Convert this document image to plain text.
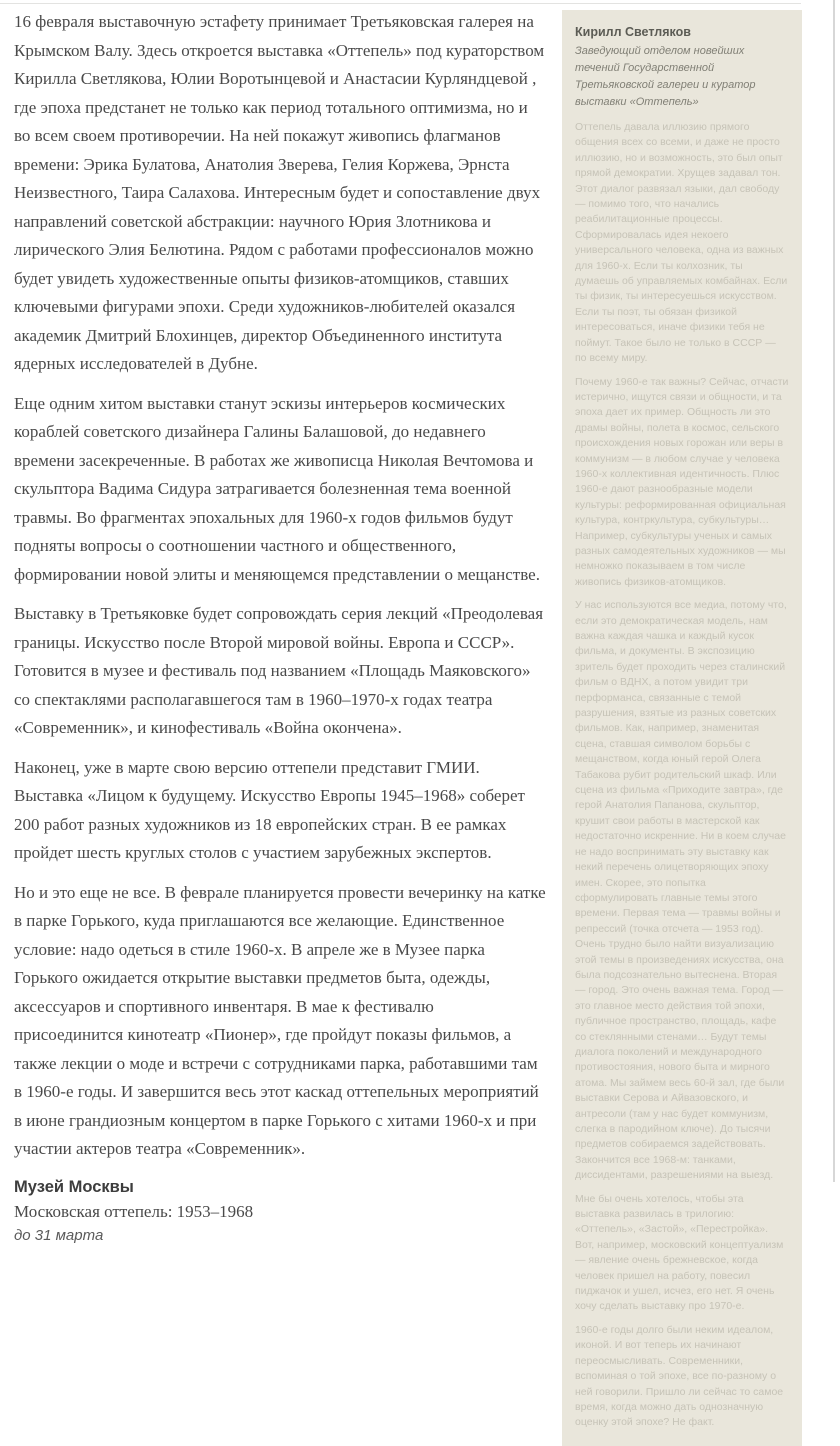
16 февраля выставочную эстафету принимает Третьяковская галерея на Крымском Валу. Здесь откроется выставка «Оттепель» под кураторством Кирилла Светлякова, Юлии Воротынцевой и Анастасии Курляндцевой , где эпоха предстанет не только как период тотального оптимизма, но и во всем своем противоречии. На ней покажут живопись флагманов времени: Эрика Булатова, Анатолия Зверева, Гелия Коржева, Эрнста Неизвестного, Таира Салахова. Интересным будет и сопоставление двух направлений советской абстракции: научного Юрия Злотникова и лирического Элия Белютина. Рядом с работами профессионалов можно будет увидеть художественные опыты физиков-атомщиков, ставших ключевыми фигурами эпохи. Среди художников-любителей оказался академик Дмитрий Блохинцев, директор Объединенного института ядерных исследователей в Дубне.

Еще одним хитом выставки станут эскизы интерьеров космических кораблей советского дизайнера Галины Балашовой, до недавнего времени засекреченные. В работах же живописца Николая Вечтомова и скульптора Вадима Сидура затрагивается болезненная тема военной травмы. Во фрагментах эпохальных для 1960-х годов фильмов будут подняты вопросы о соотношении частного и общественного, формировании новой элиты и меняющемся представлении о мещанстве.

Выставку в Третьяковке будет сопровождать серия лекций «Преодолевая границы. Искусство после Второй мировой войны. Европа и СССР». Готовится в музее и фестиваль под названием «Площадь Маяковского» со спектаклями располагавшегося там в 1960–1970-х годах театра «Современник», и кинофестиваль «Война окончена».

Наконец, уже в марте свою версию оттепели представит ГМИИ. Выставка «Лицом к будущему. Искусство Европы 1945–1968» соберет 200 работ разных художников из 18 европейских стран. В ее рамках пройдет шесть круглых столов с участием зарубежных экспертов.

Но и это еще не все. В феврале планируется провести вечеринку на катке в парке Горького, куда приглашаются все желающие. Единственное условие: надо одеться в стиле 1960-х. В апреле же в Музее парка Горького ожидается открытие выставки предметов быта, одежды, аксессуаров и спортивного инвентаря. В мае к фестивалю присоединится кинотеатр «Пионер», где пройдут показы фильмов, а также лекции о моде и встречи с сотрудниками парка, работавшими там в 1960-е годы. И завершится весь этот каскад оттепельных мероприятий в июне грандиозным концертом в парке Горького с хитами 1960-х и при участии актеров театра «Современник».

Музей Москвы

Московская оттепель: 1953–1968

до 31 марта

Кирилл Светляков

Заведующий отделом новейших течений Государственной Третьяковской галереи и куратор выставки «Оттепель»

Оттепель давала иллюзию прямого общения всех со всеми, и даже не просто иллюзию, но и возможность, это был опыт прямой демократии. Хрущев задавал тон. Этот диалог развязал языки, дал свободу — помимо того, что начались реабилитационные процессы. Сформировалась идея некоего универсального человека, одна из важных для 1960-х. Если ты колхозник, ты думаешь об управляемых комбайнах. Если ты физик, ты интересуешься искусством. Если ты поэт, ты обязан физикой интересоваться, иначе физики тебя не поймут. Такое было не только в СССР — по всему миру.

Почему 1960-е так важны? Сейчас, отчасти истерично, ищутся связи и общности, и та эпоха дает их пример. Общность ли это драмы войны, полета в космос, сельского происхождения новых горожан или веры в коммунизм — в любом случае у человека 1960-х коллективная идентичность. Плюс 1960-е дают разнообразные модели культуры: реформированная официальная культура, контркультура, субкультуры… Например, субкультуры ученых и самых разных самодеятельных художников — мы немножко показываем в том числе живопись физиков-атомщиков.

У нас используются все медиа, потому что, если это демократическая модель, нам важна каждая чашка и каждый кусок фильма, и документы. В экспозицию зритель будет проходить через сталинский фильм о ВДНХ, а потом увидит три перформанса, связанные с темой разрушения, взятые из разных советских фильмов. Как, например, знаменитая сцена, ставшая символом борьбы с мещанством, когда юный герой Олега Табакова рубит родительский шкаф. Или сцена из фильма «Приходите завтра», где герой Анатолия Папанова, скульптор, крушит свои работы в мастерской как недостаточно искренние. Ни в коем случае не надо воспринимать эту выставку как некий перечень олицетворяющих эпоху имен. Скорее, это попытка сформулировать главные темы этого времени. Первая тема — травмы войны и репрессий (точка отсчета — 1953 год). Очень трудно было найти визуализацию этой темы в произведениях искусства, она была подсознательно вытеснена. Вторая — город. Это очень важная тема. Город — это главное место действия той эпохи, публичное пространство, площадь, кафе со стеклянными стенами… Будут темы диалога поколений и международного противостояния, нового быта и мирного атома. Мы займем весь 60-й зал, где были выставки Серова и Айвазовского, и антресоли (там у нас будет коммунизм, слегка в пародийном ключе). До тысячи предметов собираемся задействовать. Закончится все 1968-м: танками, диссидентами, разрешениями на выезд.

Мне бы очень хотелось, чтобы эта выставка развилась в трилогию: «Оттепель», «Застой», «Перестройка». Вот, например, московский концептуализм — явление очень брежневское, когда человек пришел на работу, повесил пиджачок и ушел, исчез, его нет. Я очень хочу сделать выставку про 1970-е.

1960-е годы долго были неким идеалом, иконой. И вот теперь их начинают переосмысливать. Современники, вспоминая о той эпохе, все по-разному о ней говорили. Пришло ли сейчас то самое время, когда можно дать однозначную оценку этой эпохе? Не факт.
